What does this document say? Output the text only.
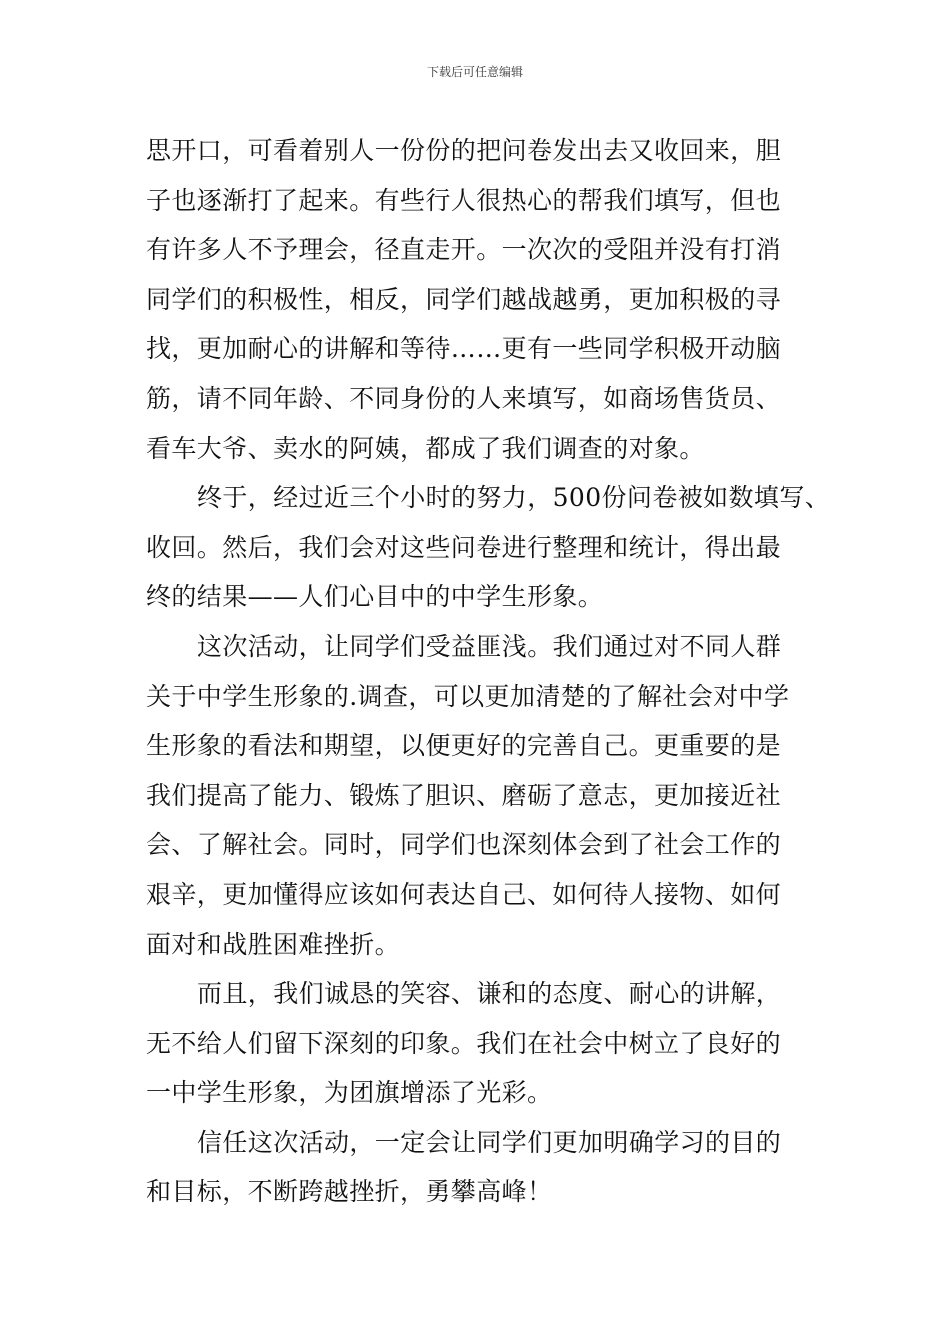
下载后可任意编辑
思开口，可看着别人一份份的把问卷发出去又收回来，胆
子也逐渐打了起来。有些行人很热心的帮我们填写，但也
有许多人不予理会，径直走开。一次次的受阻并没有打消
同学们的积极性，相反，同学们越战越勇，更加积极的寻
找，更加耐心的讲解和等待……更有一些同学积极开动脑
筋，请不同年龄、不同身份的人来填写，如商场售货员、
看车大爷、卖水的阿姨，都成了我们调查的对象。
终于，经过近三个小时的努力，500份问卷被如数填写、
收回。然后，我们会对这些问卷进行整理和统计，得出最
终的结果——人们心目中的中学生形象。
这次活动，让同学们受益匪浅。我们通过对不同人群
关于中学生形象的.调查，可以更加清楚的了解社会对中学
生形象的看法和期望，以便更好的完善自己。更重要的是
我们提高了能力、锻炼了胆识、磨砺了意志，更加接近社
会、了解社会。同时，同学们也深刻体会到了社会工作的
艰辛，更加懂得应该如何表达自己、如何待人接物、如何
面对和战胜困难挫折。
而且，我们诚恳的笑容、谦和的态度、耐心的讲解，
无不给人们留下深刻的印象。我们在社会中树立了良好的
一中学生形象，为团旗增添了光彩。
信任这次活动，一定会让同学们更加明确学习的目的
和目标，不断跨越挫折，勇攀高峰！
